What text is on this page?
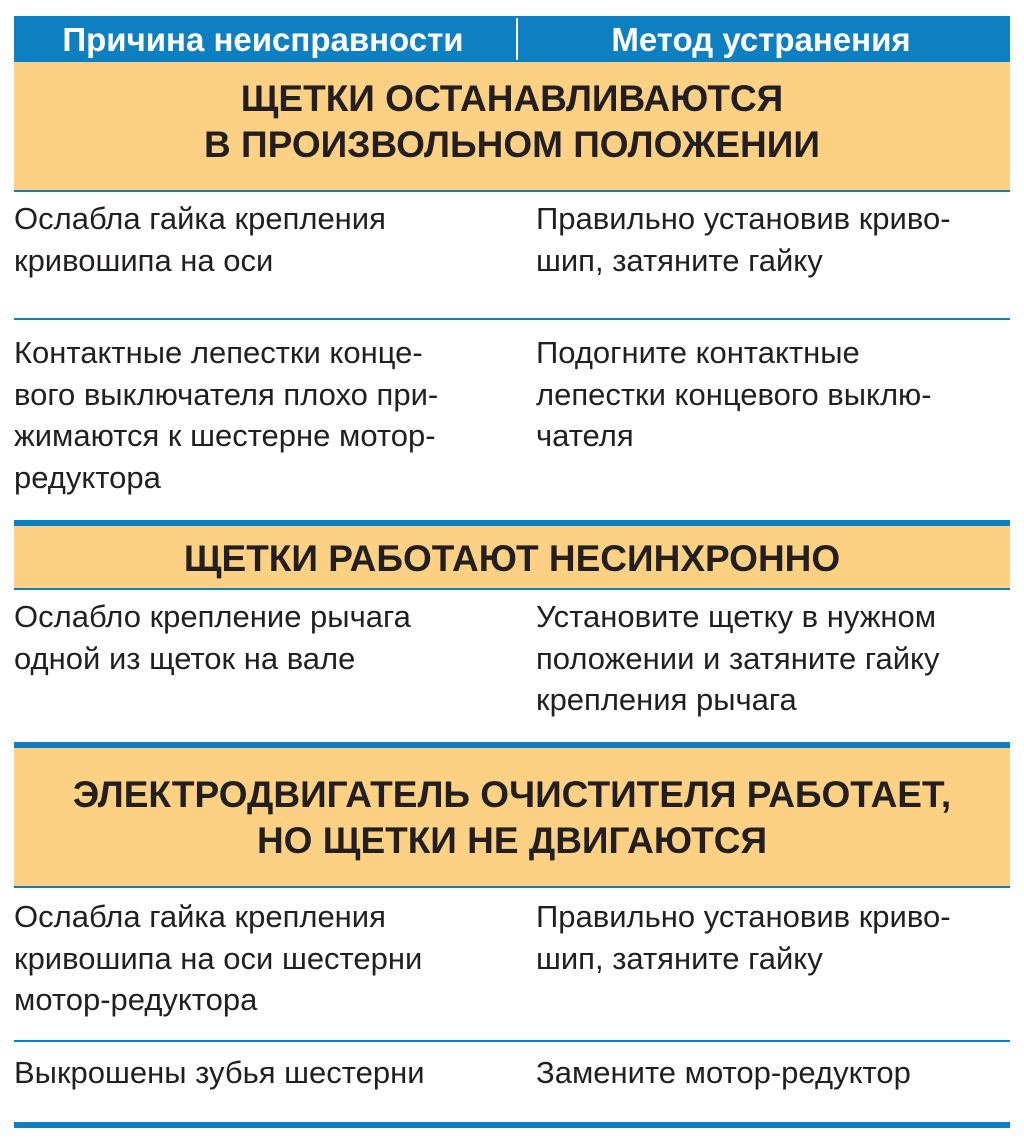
Причина неисправности	Метод устранения
ЩЕТКИ ОСТАНАВЛИВАЮТСЯ
В ПРОИЗВОЛЬНОМ ПОЛОЖЕНИИ
Ослабла гайка крепления
кривошипа на оси
Правильно установив криво-
шип, затяните гайку
Контактные лепестки конце-
вого выключателя плохо при-
жимаются к шестерне мотор-
редуктора
Подогните контактные
лепестки концевого выклю-
чателя
ЩЕТКИ РАБОТАЮТ НЕСИНХРОННО
Ослабло крепление рычага
одной из щеток на вале
Установите щетку в нужном
положении и затяните гайку
крепления рычага
ЭЛЕКТРОДВИГАТЕЛЬ ОЧИСТИТЕЛЯ РАБОТАЕТ,
НО ЩЕТКИ НЕ ДВИГАЮТСЯ
Ослабла гайка крепления
кривошипа на оси шестерни
мотор-редуктора
Правильно установив криво-
шип, затяните гайку
Выкрошены зубья шестерни	Замените мотор-редуктор
